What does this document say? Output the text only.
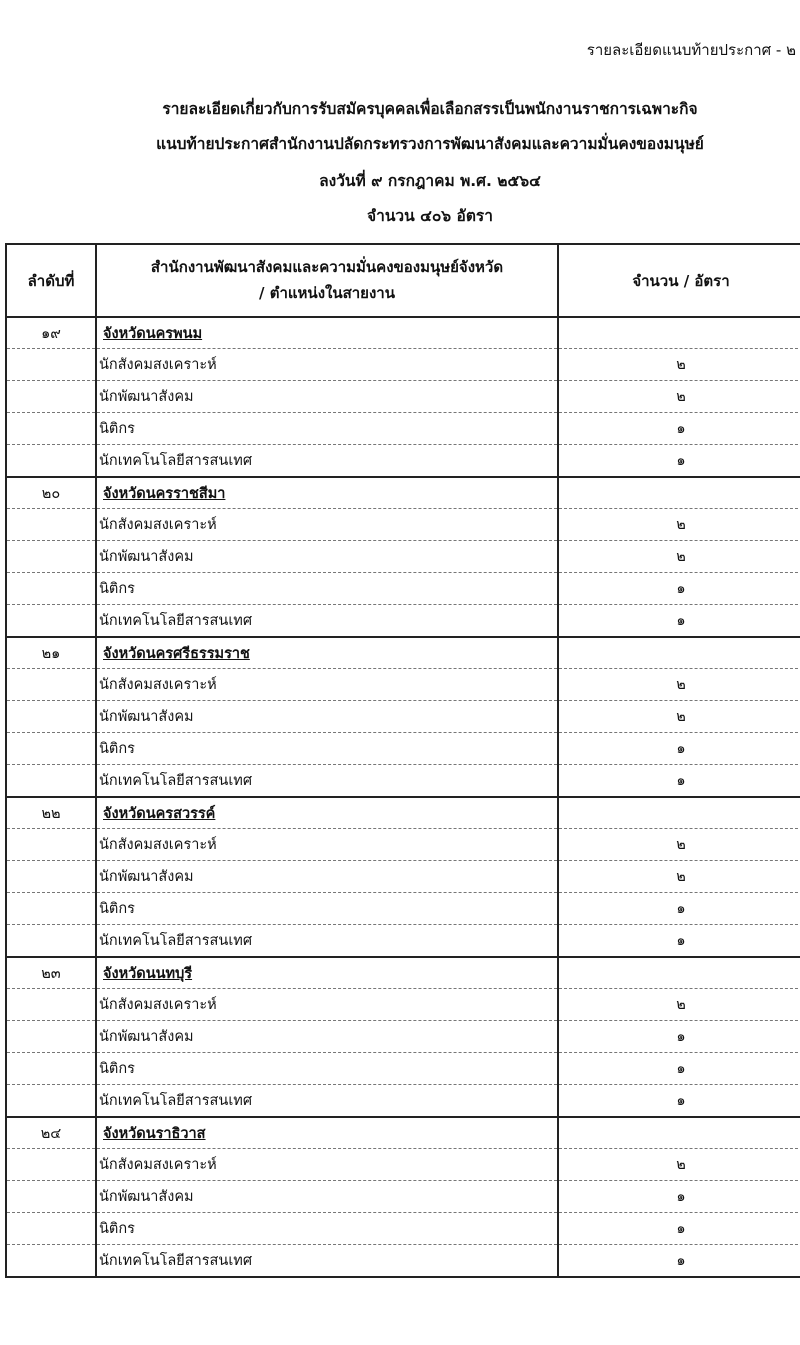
รายละเอียดแนบท้ายประกาศ - ๒
รายละเอียดเกี่ยวกับการรับสมัครบุคคลเพื่อเลือกสรรเป็นพนักงานราชการเฉพาะกิจ
แนบท้ายประกาศสำนักงานปลัดกระทรวงการพัฒนาสังคมและความมั่นคงของมนุษย์
ลงวันที่ ๙ กรกฎาคม พ.ศ. ๒๕๖๔
จำนวน ๔๐๖ อัตรา
ลำดับที่	สำนักงานพัฒนาสังคมและความมั่นคงของมนุษย์จังหวัด
/ ตำแหน่งในสายงาน	จำนวน / อัตรา
๑๙	จังหวัดนครพนม	
	นักสังคมสงเคราะห์	๒
	นักพัฒนาสังคม	๒
	นิติกร	๑
	นักเทคโนโลยีสารสนเทศ	๑
๒๐	จังหวัดนครราชสีมา	
	นักสังคมสงเคราะห์	๒
	นักพัฒนาสังคม	๒
	นิติกร	๑
	นักเทคโนโลยีสารสนเทศ	๑
๒๑	จังหวัดนครศรีธรรมราช	
	นักสังคมสงเคราะห์	๒
	นักพัฒนาสังคม	๒
	นิติกร	๑
	นักเทคโนโลยีสารสนเทศ	๑
๒๒	จังหวัดนครสวรรค์	
	นักสังคมสงเคราะห์	๒
	นักพัฒนาสังคม	๒
	นิติกร	๑
	นักเทคโนโลยีสารสนเทศ	๑
๒๓	จังหวัดนนทบุรี	
	นักสังคมสงเคราะห์	๒
	นักพัฒนาสังคม	๑
	นิติกร	๑
	นักเทคโนโลยีสารสนเทศ	๑
๒๔	จังหวัดนราธิวาส	
	นักสังคมสงเคราะห์	๒
	นักพัฒนาสังคม	๑
	นิติกร	๑
	นักเทคโนโลยีสารสนเทศ	๑
